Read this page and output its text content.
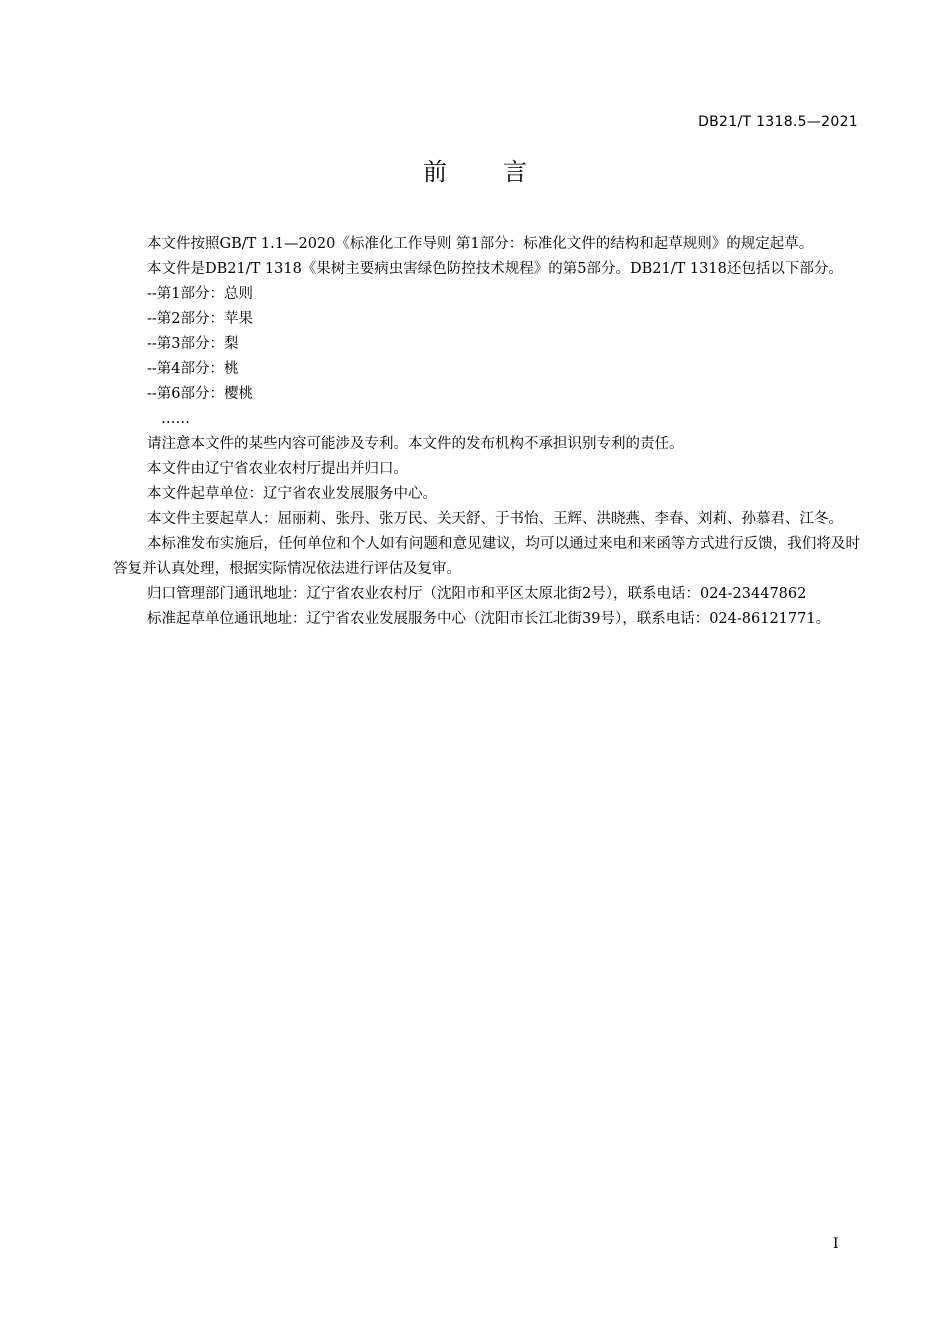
DB21/T 1318.5—2021
前言

本文件按照GB/T 1.1—2020《标准化工作导则 第1部分：标准化文件的结构和起草规则》的规定起草。

本文件是DB21/T 1318《果树主要病虫害绿色防控技术规程》的第5部分。DB21/T 1318还包括以下部分。

--第1部分：总则

--第2部分：苹果

--第3部分：梨

--第4部分：桃

--第6部分：樱桃

……

请注意本文件的某些内容可能涉及专利。本文件的发布机构不承担识别专利的责任。

本文件由辽宁省农业农村厅提出并归口。

本文件起草单位：辽宁省农业发展服务中心。

本文件主要起草人：屈丽莉、张丹、张万民、关天舒、于书怡、王辉、洪晓燕、李春、刘莉、孙慕君、江冬。

本标准发布实施后，任何单位和个人如有问题和意见建议，均可以通过来电和来函等方式进行反馈，我们将及时答复并认真处理，根据实际情况依法进行评估及复审。

归口管理部门通讯地址：辽宁省农业农村厅（沈阳市和平区太原北街2号），联系电话：024-23447862

标准起草单位通讯地址：辽宁省农业发展服务中心（沈阳市长江北街39号），联系电话：024-86121771。

I
